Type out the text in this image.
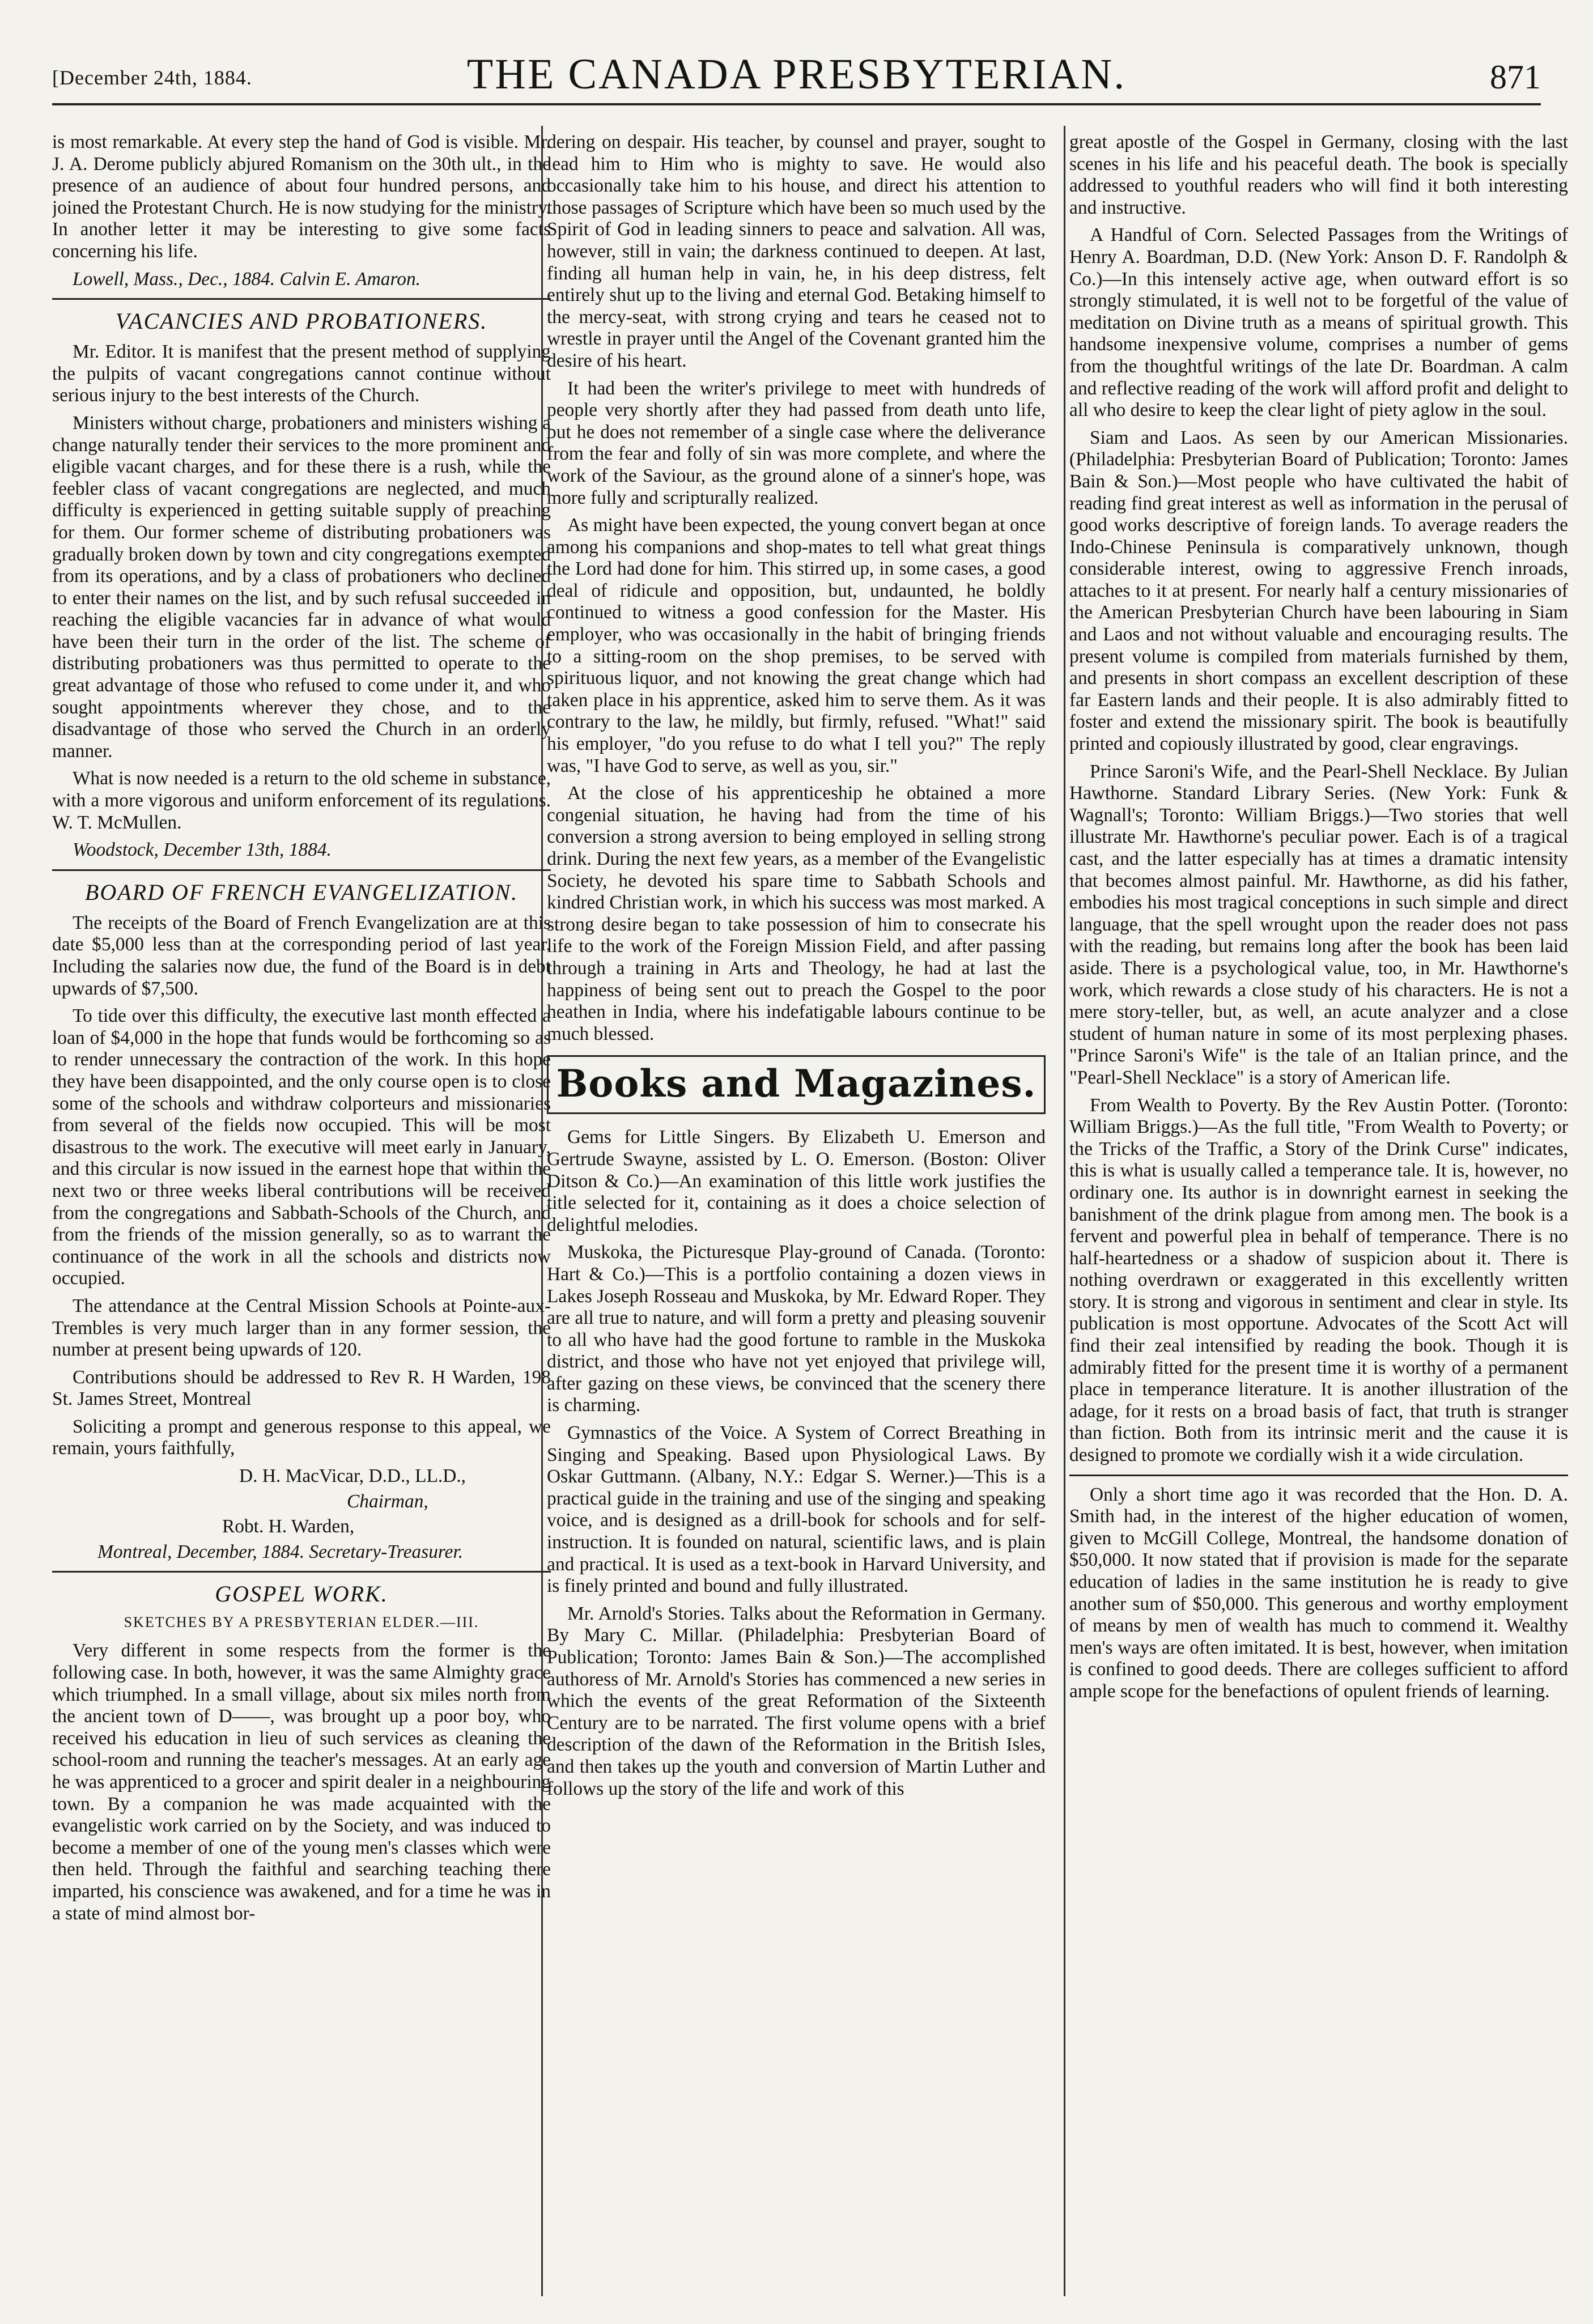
[December 24th, 1884.	THE CANADA PRESBYTERIAN.	871

is most remarkable. At every step the hand of God is visible. Mr. J. A. Derome publicly abjured Romanism on the 30th ult., in the presence of an audience of about four hundred persons, and joined the Protestant Church. He is now studying for the ministry. In another letter it may be interesting to give some facts concerning his life.

Lowell, Mass., Dec., 1884. Calvin E. Amaron.

VACANCIES AND PROBATIONERS.

Mr. Editor. It is manifest that the present method of supplying the pulpits of vacant congregations cannot continue without serious injury to the best interests of the Church.

Ministers without charge, probationers and ministers wishing a change naturally tender their services to the more prominent and eligible vacant charges, and for these there is a rush, while the feebler class of vacant congregations are neglected, and much difficulty is experienced in getting suitable supply of preaching for them. Our former scheme of distributing probationers was gradually broken down by town and city congregations exempted from its operations, and by a class of probationers who declined to enter their names on the list, and by such refusal succeeded in reaching the eligible vacancies far in advance of what would have been their turn in the order of the list. The scheme of distributing probationers was thus permitted to operate to the great advantage of those who refused to come under it, and who sought appointments wherever they chose, and to the disadvantage of those who served the Church in an orderly manner.

What is now needed is a return to the old scheme in substance, with a more vigorous and uniform enforcement of its regulations. W. T. McMullen.

Woodstock, December 13th, 1884.

BOARD OF FRENCH EVANGELIZATION.

The receipts of the Board of French Evangelization are at this date $5,000 less than at the corresponding period of last year. Including the salaries now due, the fund of the Board is in debt upwards of $7,500.

To tide over this difficulty, the executive last month effected a loan of $4,000 in the hope that funds would be forthcoming so as to render unnecessary the contraction of the work. In this hope they have been disappointed, and the only course open is to close some of the schools and withdraw colporteurs and missionaries from several of the fields now occupied. This will be most disastrous to the work. The executive will meet early in January, and this circular is now issued in the earnest hope that within the next two or three weeks liberal contributions will be received from the congregations and Sabbath-Schools of the Church, and from the friends of the mission generally, so as to warrant the continuance of the work in all the schools and districts now occupied.

The attendance at the Central Mission Schools at Pointe-aux-Trembles is very much larger than in any former session, the number at present being upwards of 120.

Contributions should be addressed to Rev R. H Warden, 198 St. James Street, Montreal

Soliciting a prompt and generous response to this appeal, we remain, yours faithfully,

D. H. MacVicar, D.D., LL.D.,
Chairman,
Robt. H. Warden,
Montreal, December, 1884. Secretary-Treasurer.
GOSPEL WORK.
SKETCHES BY A PRESBYTERIAN ELDER.—III.

Very different in some respects from the former is the following case. In both, however, it was the same Almighty grace which triumphed. In a small village, about six miles north from the ancient town of D——, was brought up a poor boy, who received his education in lieu of such services as cleaning the school-room and running the teacher's messages. At an early age he was apprenticed to a grocer and spirit dealer in a neighbouring town. By a companion he was made acquainted with the evangelistic work carried on by the Society, and was induced to become a member of one of the young men's classes which were then held. Through the faithful and searching teaching there imparted, his conscience was awakened, and for a time he was in a state of mind almost bor-

dering on despair. His teacher, by counsel and prayer, sought to lead him to Him who is mighty to save. He would also occasionally take him to his house, and direct his attention to those passages of Scripture which have been so much used by the Spirit of God in leading sinners to peace and salvation. All was, however, still in vain; the darkness continued to deepen. At last, finding all human help in vain, he, in his deep distress, felt entirely shut up to the living and eternal God. Betaking himself to the mercy-seat, with strong crying and tears he ceased not to wrestle in prayer until the Angel of the Covenant granted him the desire of his heart.

It had been the writer's privilege to meet with hundreds of people very shortly after they had passed from death unto life, but he does not remember of a single case where the deliverance from the fear and folly of sin was more complete, and where the work of the Saviour, as the ground alone of a sinner's hope, was more fully and scripturally realized.

As might have been expected, the young convert began at once among his companions and shop-mates to tell what great things the Lord had done for him. This stirred up, in some cases, a good deal of ridicule and opposition, but, undaunted, he boldly continued to witness a good confession for the Master. His employer, who was occasionally in the habit of bringing friends to a sitting-room on the shop premises, to be served with spirituous liquor, and not knowing the great change which had taken place in his apprentice, asked him to serve them. As it was contrary to the law, he mildly, but firmly, refused. "What!" said his employer, "do you refuse to do what I tell you?" The reply was, "I have God to serve, as well as you, sir."

At the close of his apprenticeship he obtained a more congenial situation, he having had from the time of his conversion a strong aversion to being employed in selling strong drink. During the next few years, as a member of the Evangelistic Society, he devoted his spare time to Sabbath Schools and kindred Christian work, in which his success was most marked. A strong desire began to take possession of him to consecrate his life to the work of the Foreign Mission Field, and after passing through a training in Arts and Theology, he had at last the happiness of being sent out to preach the Gospel to the poor heathen in India, where his indefatigable labours continue to be much blessed.

Books and Magazines.

Gems for Little Singers. By Elizabeth U. Emerson and Gertrude Swayne, assisted by L. O. Emerson. (Boston: Oliver Ditson & Co.)—An examination of this little work justifies the title selected for it, containing as it does a choice selection of delightful melodies.

Muskoka, the Picturesque Play-ground of Canada. (Toronto: Hart & Co.)—This is a portfolio containing a dozen views in Lakes Joseph Rosseau and Muskoka, by Mr. Edward Roper. They are all true to nature, and will form a pretty and pleasing souvenir to all who have had the good fortune to ramble in the Muskoka district, and those who have not yet enjoyed that privilege will, after gazing on these views, be convinced that the scenery there is charming.

Gymnastics of the Voice. A System of Correct Breathing in Singing and Speaking. Based upon Physiological Laws. By Oskar Guttmann. (Albany, N.Y.: Edgar S. Werner.)—This is a practical guide in the training and use of the singing and speaking voice, and is designed as a drill-book for schools and for self-instruction. It is founded on natural, scientific laws, and is plain and practical. It is used as a text-book in Harvard University, and is finely printed and bound and fully illustrated.

Mr. Arnold's Stories. Talks about the Reformation in Germany. By Mary C. Millar. (Philadelphia: Presbyterian Board of Publication; Toronto: James Bain & Son.)—The accomplished authoress of Mr. Arnold's Stories has commenced a new series in which the events of the great Reformation of the Sixteenth Century are to be narrated. The first volume opens with a brief description of the dawn of the Reformation in the British Isles, and then takes up the youth and conversion of Martin Luther and follows up the story of the life and work of this

great apostle of the Gospel in Germany, closing with the last scenes in his life and his peaceful death. The book is specially addressed to youthful readers who will find it both interesting and instructive.

A Handful of Corn. Selected Passages from the Writings of Henry A. Boardman, D.D. (New York: Anson D. F. Randolph & Co.)—In this intensely active age, when outward effort is so strongly stimulated, it is well not to be forgetful of the value of meditation on Divine truth as a means of spiritual growth. This handsome inexpensive volume, comprises a number of gems from the thoughtful writings of the late Dr. Boardman. A calm and reflective reading of the work will afford profit and delight to all who desire to keep the clear light of piety aglow in the soul.

Siam and Laos. As seen by our American Missionaries. (Philadelphia: Presbyterian Board of Publication; Toronto: James Bain & Son.)—Most people who have cultivated the habit of reading find great interest as well as information in the perusal of good works descriptive of foreign lands. To average readers the Indo-Chinese Peninsula is comparatively unknown, though considerable interest, owing to aggressive French inroads, attaches to it at present. For nearly half a century missionaries of the American Presbyterian Church have been labouring in Siam and Laos and not without valuable and encouraging results. The present volume is compiled from materials furnished by them, and presents in short compass an excellent description of these far Eastern lands and their people. It is also admirably fitted to foster and extend the missionary spirit. The book is beautifully printed and copiously illustrated by good, clear engravings.

Prince Saroni's Wife, and the Pearl-Shell Necklace. By Julian Hawthorne. Standard Library Series. (New York: Funk & Wagnall's; Toronto: William Briggs.)—Two stories that well illustrate Mr. Hawthorne's peculiar power. Each is of a tragical cast, and the latter especially has at times a dramatic intensity that becomes almost painful. Mr. Hawthorne, as did his father, embodies his most tragical conceptions in such simple and direct language, that the spell wrought upon the reader does not pass with the reading, but remains long after the book has been laid aside. There is a psychological value, too, in Mr. Hawthorne's work, which rewards a close study of his characters. He is not a mere story-teller, but, as well, an acute analyzer and a close student of human nature in some of its most perplexing phases. "Prince Saroni's Wife" is the tale of an Italian prince, and the "Pearl-Shell Necklace" is a story of American life.

From Wealth to Poverty. By the Rev Austin Potter. (Toronto: William Briggs.)—As the full title, "From Wealth to Poverty; or the Tricks of the Traffic, a Story of the Drink Curse" indicates, this is what is usually called a temperance tale. It is, however, no ordinary one. Its author is in downright earnest in seeking the banishment of the drink plague from among men. The book is a fervent and powerful plea in behalf of temperance. There is no half-heartedness or a shadow of suspicion about it. There is nothing overdrawn or exaggerated in this excellently written story. It is strong and vigorous in sentiment and clear in style. Its publication is most opportune. Advocates of the Scott Act will find their zeal intensified by reading the book. Though it is admirably fitted for the present time it is worthy of a permanent place in temperance literature. It is another illustration of the adage, for it rests on a broad basis of fact, that truth is stranger than fiction. Both from its intrinsic merit and the cause it is designed to promote we cordially wish it a wide circulation.

Only a short time ago it was recorded that the Hon. D. A. Smith had, in the interest of the higher education of women, given to McGill College, Montreal, the handsome donation of $50,000. It now stated that if provision is made for the separate education of ladies in the same institution he is ready to give another sum of $50,000. This generous and worthy employment of means by men of wealth has much to commend it. Wealthy men's ways are often imitated. It is best, however, when imitation is confined to good deeds. There are colleges sufficient to afford ample scope for the benefactions of opulent friends of learning.
